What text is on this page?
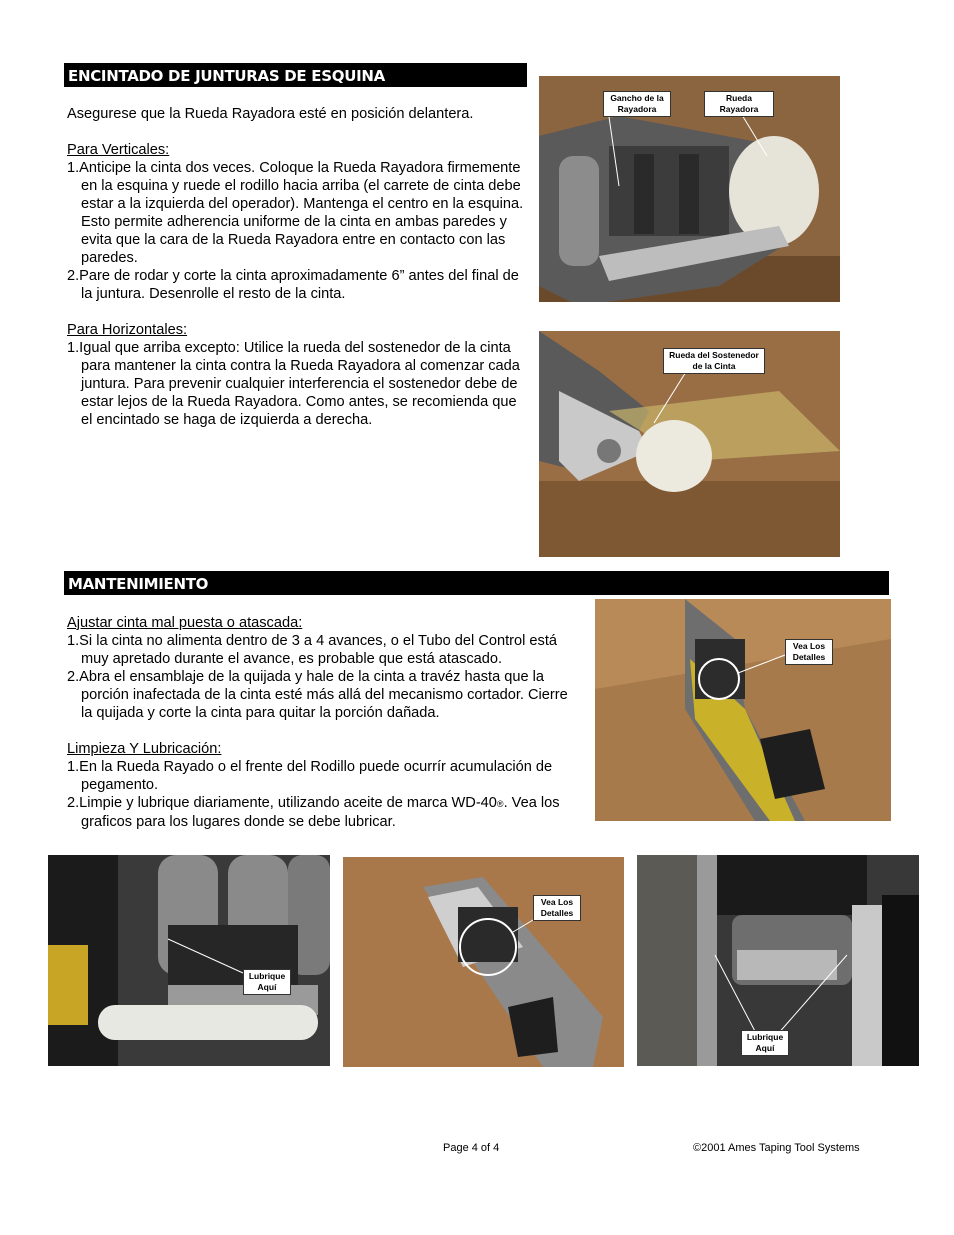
ENCINTADO DE JUNTURAS DE ESQUINA

Asegurese que la Rueda Rayadora esté en posición delantera.

Para Verticales:

1.Anticipe la cinta dos veces. Coloque la Rueda Rayadora firmemente en la esquina y ruede el rodillo hacia arriba (el carrete de cinta debe estar a la izquierda del operador). Mantenga el centro en la esquina. Esto permite adherencia uniforme de la cinta en ambas paredes y evita que la cara de la Rueda Rayadora entre en contacto con las paredes.

2.Pare de rodar y corte la cinta aproximadamente 6” antes del final de la juntura. Desenrolle el resto de la cinta.

Para Horizontales:

1.Igual que arriba excepto: Utilice la rueda del sostenedor de la cinta para mantener la cinta contra la Rueda Rayadora al comenzar cada juntura. Para prevenir cualquier interferencia el sostenedor debe de estar lejos de la Rueda Rayadora. Como antes, se recomienda que el encintado se haga de izquierda a derecha.

Gancho de la Rayadora
Rueda Rayadora
Rueda del Sostenedor de la Cinta
MANTENIMIENTO

Ajustar cinta mal puesta o atascada:

1.Si la cinta no alimenta dentro de 3 a 4 avances, o el Tubo del Control está muy apretado durante el avance, es probable que está atascado.

2.Abra el ensamblaje de la quijada y hale de la cinta a travéz hasta que la porción inafectada de la cinta esté más allá del mecanismo cortador. Cierre la quijada y corte la cinta para quitar la porción dañada.

Limpieza Y Lubricación:

1.En la Rueda Rayado o el frente del Rodillo puede ocurrír acumulación de pegamento.

2.Limpie y lubrique diariamente, utilizando aceite de marca WD-40®. Vea los graficos para los lugares donde se debe lubricar.

Vea Los Detalles
Lubrique Aquí
Vea Los Detalles
Lubrique Aquí
Page 4 of 4	©2001 Ames Taping Tool Systems
